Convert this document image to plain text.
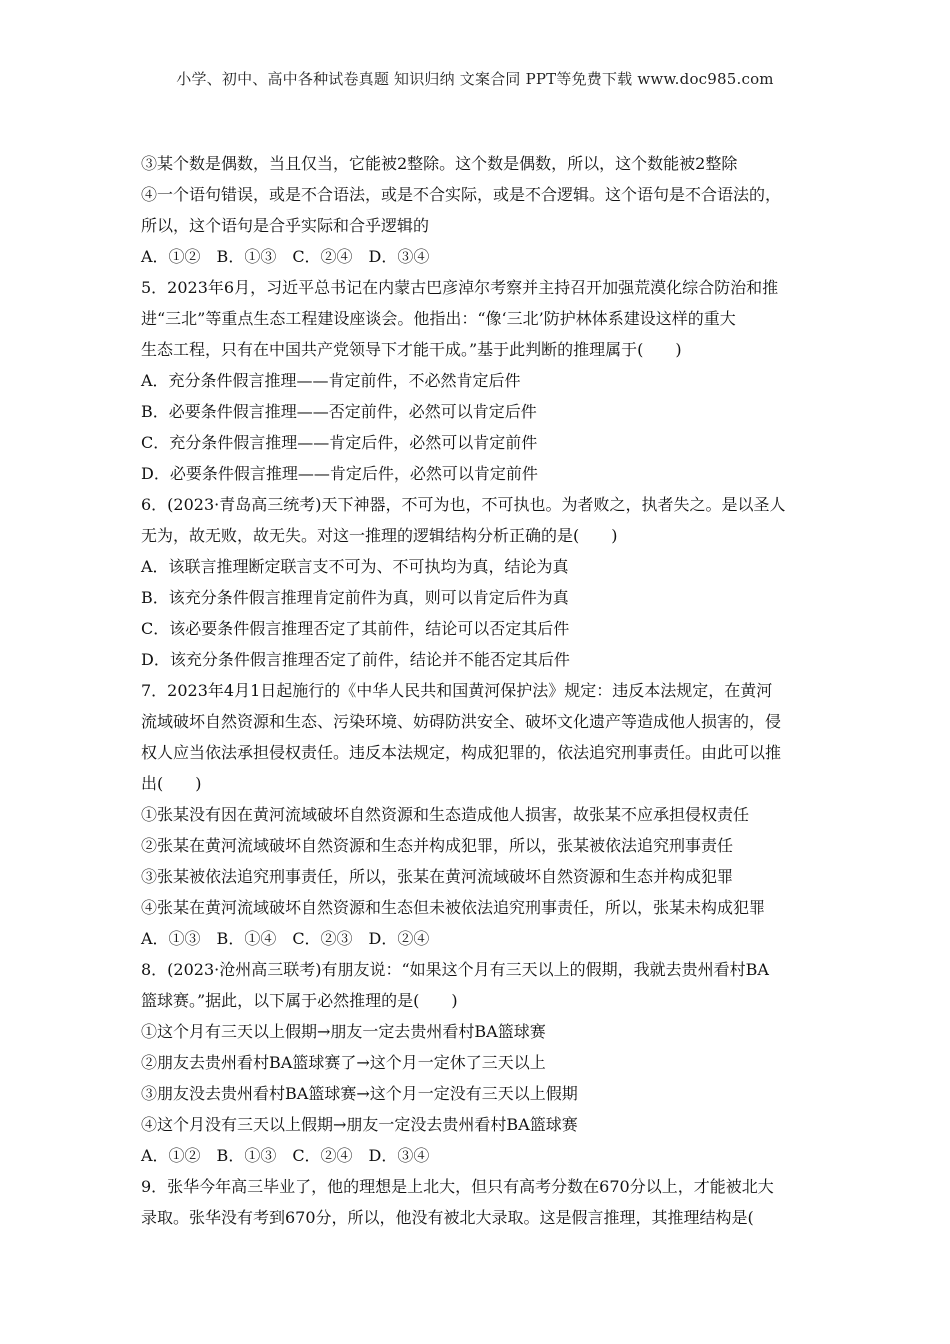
小学、初中、高中各种试卷真题 知识归纳 文案合同 PPT等免费下载 www.doc985.com
③某个数是偶数，当且仅当，它能被2整除。这个数是偶数，所以，这个数能被2整除
④一个语句错误，或是不合语法，或是不合实际，或是不合逻辑。这个语句是不合语法的，
所以，这个语句是合乎实际和合乎逻辑的
A．①②　B．①③　C．②④　D．③④
5．2023年6月，习近平总书记在内蒙古巴彦淖尔考察并主持召开加强荒漠化综合防治和推
进“三北”等重点生态工程建设座谈会。他指出：“像‘三北’防护林体系建设这样的重大
生态工程，只有在中国共产党领导下才能干成。”基于此判断的推理属于(　　)
A．充分条件假言推理——肯定前件，不必然肯定后件
B．必要条件假言推理——否定前件，必然可以肯定后件
C．充分条件假言推理——肯定后件，必然可以肯定前件
D．必要条件假言推理——肯定后件，必然可以肯定前件
6．(2023·青岛高三统考)天下神器，不可为也，不可执也。为者败之，执者失之。是以圣人
无为，故无败，故无失。对这一推理的逻辑结构分析正确的是(　　)
A．该联言推理断定联言支不可为、不可执均为真，结论为真
B．该充分条件假言推理肯定前件为真，则可以肯定后件为真
C．该必要条件假言推理否定了其前件，结论可以否定其后件
D．该充分条件假言推理否定了前件，结论并不能否定其后件
7．2023年4月1日起施行的《中华人民共和国黄河保护法》规定：违反本法规定，在黄河
流域破坏自然资源和生态、污染环境、妨碍防洪安全、破坏文化遗产等造成他人损害的，侵
权人应当依法承担侵权责任。违反本法规定，构成犯罪的，依法追究刑事责任。由此可以推
出(　　)
①张某没有因在黄河流域破坏自然资源和生态造成他人损害，故张某不应承担侵权责任
②张某在黄河流域破坏自然资源和生态并构成犯罪，所以，张某被依法追究刑事责任
③张某被依法追究刑事责任，所以，张某在黄河流域破坏自然资源和生态并构成犯罪
④张某在黄河流域破坏自然资源和生态但未被依法追究刑事责任，所以，张某未构成犯罪
A．①③　B．①④　C．②③　D．②④
8．(2023·沧州高三联考)有朋友说：“如果这个月有三天以上的假期，我就去贵州看村BA
篮球赛。”据此，以下属于必然推理的是(　　)
①这个月有三天以上假期→朋友一定去贵州看村BA篮球赛
②朋友去贵州看村BA篮球赛了→这个月一定休了三天以上
③朋友没去贵州看村BA篮球赛→这个月一定没有三天以上假期
④这个月没有三天以上假期→朋友一定没去贵州看村BA篮球赛
A．①②　B．①③　C．②④　D．③④
9．张华今年高三毕业了，他的理想是上北大，但只有高考分数在670分以上，才能被北大
录取。张华没有考到670分，所以，他没有被北大录取。这是假言推理，其推理结构是(
